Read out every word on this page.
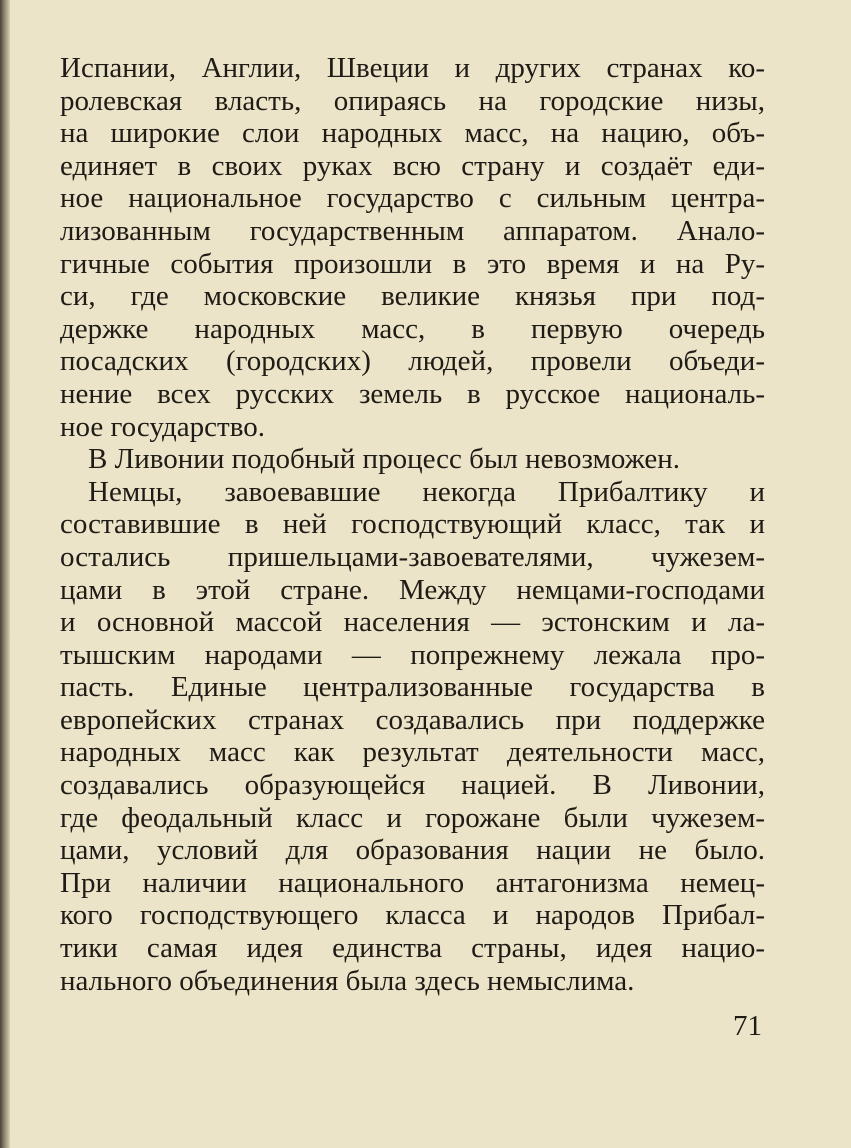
Испании, Англии, Швеции и других странах ко-
ролевская власть, опираясь на городские низы,
на широкие слои народных масс, на нацию, объ-
единяет в своих руках всю страну и создаёт еди-
ное национальное государство с сильным центра-
лизованным государственным аппаратом. Анало-
гичные события произошли в это время и на Ру-
си, где московские великие князья при под-
держке народных масс, в первую очередь
посадских (городских) людей, провели объеди-
нение всех русских земель в русское националь-
ное государство.
В Ливонии подобный процесс был невозможен.
Немцы, завоевавшие некогда Прибалтику и
составившие в ней господствующий класс, так и
остались пришельцами-завоевателями, чужезем-
цами в этой стране. Между немцами-господами
и основной массой населения — эстонским и ла-
тышским народами — попрежнему лежала про-
пасть. Единые централизованные государства в
европейских странах создавались при поддержке
народных масс как результат деятельности масс,
создавались образующейся нацией. В Ливонии,
где феодальный класс и горожане были чужезем-
цами, условий для образования нации не было.
При наличии национального антагонизма немец-
кого господствующего класса и народов Прибал-
тики самая идея единства страны, идея нацио-
нального объединения была здесь немыслима.
71
